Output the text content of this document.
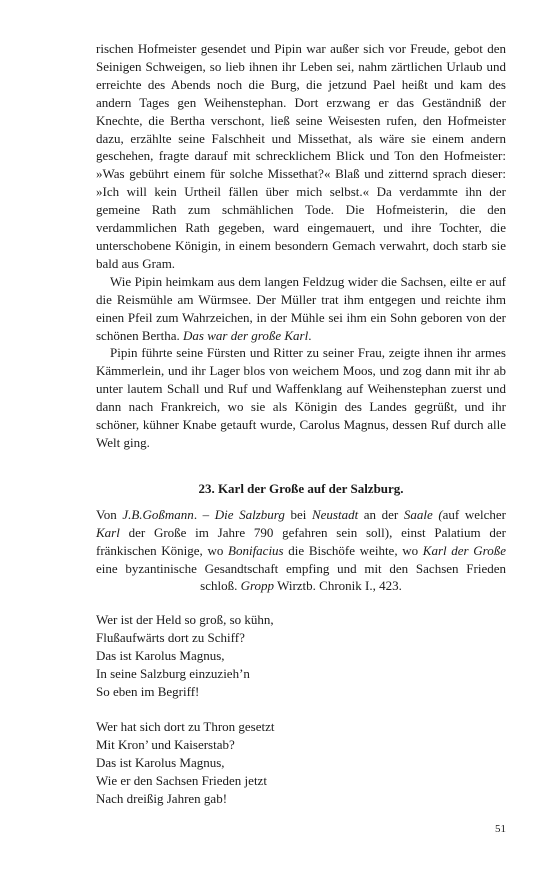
rischen Hofmeister gesendet und Pipin war außer sich vor Freude, gebot den Seinigen Schweigen, so lieb ihnen ihr Leben sei, nahm zärtlichen Urlaub und erreichte des Abends noch die Burg, die jetzund Pael heißt und kam des andern Tages gen Weihenstephan. Dort erzwang er das Geständniß der Knechte, die Bertha verschont, ließ seine Weisesten rufen, den Hofmeister dazu, erzählte seine Falschheit und Missethat, als wäre sie einem andern geschehen, fragte darauf mit schrecklichem Blick und Ton den Hofmeister: »Was gebührt einem für solche Missethat?« Blaß und zitternd sprach dieser: »Ich will kein Urtheil fällen über mich selbst.« Da verdammte ihn der gemeine Rath zum schmählichen Tode. Die Hofmeisterin, die den verdammlichen Rath gegeben, ward eingemauert, und ihre Tochter, die unterschobene Königin, in einem besondern Gemach verwahrt, doch starb sie bald aus Gram.

Wie Pipin heimkam aus dem langen Feldzug wider die Sachsen, eilte er auf die Reismühle am Würmsee. Der Müller trat ihm entgegen und reichte ihm einen Pfeil zum Wahrzeichen, in der Mühle sei ihm ein Sohn geboren von der schönen Bertha. Das war der große Karl.

Pipin führte seine Fürsten und Ritter zu seiner Frau, zeigte ihnen ihr armes Kämmerlein, und ihr Lager blos von weichem Moos, und zog dann mit ihr ab unter lautem Schall und Ruf und Waffenklang auf Weihenstephan zuerst und dann nach Frankreich, wo sie als Königin des Landes gegrüßt, und ihr schöner, kühner Knabe getauft wurde, Carolus Magnus, dessen Ruf durch alle Welt ging.

23. Karl der Große auf der Salzburg.

Von J.B.Goßmann. – Die Salzburg bei Neustadt an der Saale (auf welcher Karl der Große im Jahre 790 gefahren sein soll), einst Palatium der fränkischen Könige, wo Bonifacius die Bischöfe weihte, wo Karl der Große eine byzantinische Gesandtschaft empfing und mit den Sachsen Frieden schloß. Gropp Wirztb. Chronik I., 423.

Wer ist der Held so groß, so kühn,
Flußaufwärts dort zu Schiff?
Das ist Karolus Magnus,
In seine Salzburg einzuzieh’n
So eben im Begriff!
Wer hat sich dort zu Thron gesetzt
Mit Kron’ und Kaiserstab?
Das ist Karolus Magnus,
Wie er den Sachsen Frieden jetzt
Nach dreißig Jahren gab!
51
